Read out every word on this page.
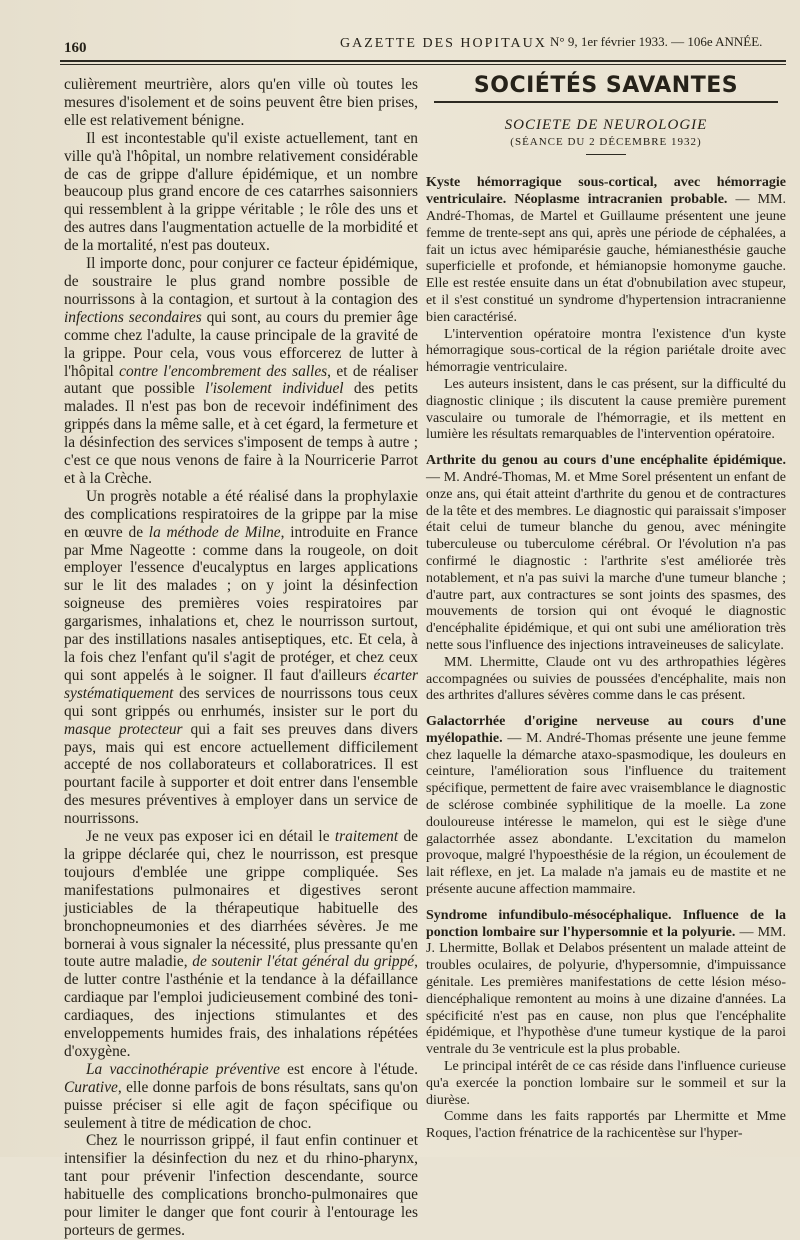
160	GAZETTE DES HOPITAUX N° 9, 1er février 1933. — 106e ANNÉE.

culièrement meurtrière, alors qu'en ville où toutes les mesures d'isolement et de soins peuvent être bien prises, elle est relativement bénigne.

Il est incontestable qu'il existe actuellement, tant en ville qu'à l'hôpital, un nombre relativement considérable de cas de grippe d'allure épidémique, et un nombre beaucoup plus grand encore de ces catarrhes saisonniers qui ressemblent à la grippe véritable ; le rôle des uns et des autres dans l'augmentation actuelle de la morbidité et de la mortalité, n'est pas douteux.

Il importe donc, pour conjurer ce facteur épidémique, de soustraire le plus grand nombre possible de nourrissons à la contagion, et surtout à la contagion des infections secondaires qui sont, au cours du premier âge comme chez l'adulte, la cause principale de la gravité de la grippe. Pour cela, vous vous efforcerez de lutter à l'hôpital contre l'encombrement des salles, et de réaliser autant que possible l'isolement individuel des petits malades. Il n'est pas bon de recevoir indéfiniment des grippés dans la même salle, et à cet égard, la fermeture et la désinfection des services s'imposent de temps à autre ; c'est ce que nous venons de faire à la Nourricerie Parrot et à la Crèche.

Un progrès notable a été réalisé dans la prophylaxie des complications respiratoires de la grippe par la mise en œuvre de la méthode de Milne, introduite en France par Mme Nageotte : comme dans la rougeole, on doit employer l'essence d'eucalyptus en larges applications sur le lit des malades ; on y joint la désinfection soigneuse des premières voies respiratoires par gargarismes, inhalations et, chez le nourrisson surtout, par des instillations nasales antiseptiques, etc. Et cela, à la fois chez l'enfant qu'il s'agit de protéger, et chez ceux qui sont appelés à le soigner. Il faut d'ailleurs écarter systématiquement des services de nourrissons tous ceux qui sont grippés ou enrhumés, insister sur le port du masque protecteur qui a fait ses preuves dans divers pays, mais qui est encore actuellement difficilement accepté de nos collaborateurs et collaboratrices. Il est pourtant facile à supporter et doit entrer dans l'ensemble des mesures préventives à employer dans un service de nourrissons.

Je ne veux pas exposer ici en détail le traitement de la grippe déclarée qui, chez le nourrisson, est presque toujours d'emblée une grippe compliquée. Ses manifestations pulmonaires et digestives seront justiciables de la thérapeutique habituelle des bronchopneumonies et des diarrhées sévères. Je me bornerai à vous signaler la nécessité, plus pressante qu'en toute autre maladie, de soutenir l'état général du grippé, de lutter contre l'asthénie et la tendance à la défaillance cardiaque par l'emploi judicieusement combiné des toni-cardiaques, des injections stimulantes et des enveloppements humides frais, des inhalations répétées d'oxygène.

La vaccinothérapie préventive est encore à l'étude. Curative, elle donne parfois de bons résultats, sans qu'on puisse préciser si elle agit de façon spécifique ou seulement à titre de médication de choc.

Chez le nourrisson grippé, il faut enfin continuer et intensifier la désinfection du nez et du rhino-pharynx, tant pour prévenir l'infection descendante, source habituelle des complications broncho-pulmonaires que pour limiter le danger que font courir à l'entourage les porteurs de germes.

SOCIÉTÉS SAVANTES
SOCIETE DE NEUROLOGIE
(SÉANCE DU 2 DÉCEMBRE 1932)

Kyste hémorragique sous-cortical, avec hémorragie ventriculaire. Néoplasme intracranien probable. — MM. André-Thomas, de Martel et Guillaume présentent une jeune femme de trente-sept ans qui, après une période de céphalées, a fait un ictus avec hémiparésie gauche, hémianesthésie gauche superficielle et profonde, et hémianopsie homonyme gauche. Elle est restée ensuite dans un état d'obnubilation avec stupeur, et il s'est constitué un syndrome d'hypertension intracranienne bien caractérisé.

L'intervention opératoire montra l'existence d'un kyste hémorragique sous-cortical de la région pariétale droite avec hémorragie ventriculaire.

Les auteurs insistent, dans le cas présent, sur la difficulté du diagnostic clinique ; ils discutent la cause première purement vasculaire ou tumorale de l'hémorragie, et ils mettent en lumière les résultats remarquables de l'intervention opératoire.

Arthrite du genou au cours d'une encéphalite épidémique. — M. André-Thomas, M. et Mme Sorel présentent un enfant de onze ans, qui était atteint d'arthrite du genou et de contractures de la tête et des membres. Le diagnostic qui paraissait s'imposer était celui de tumeur blanche du genou, avec méningite tuberculeuse ou tuberculome cérébral. Or l'évolution n'a pas confirmé le diagnostic : l'arthrite s'est améliorée très notablement, et n'a pas suivi la marche d'une tumeur blanche ; d'autre part, aux contractures se sont joints des spasmes, des mouvements de torsion qui ont évoqué le diagnostic d'encéphalite épidémique, et qui ont subi une amélioration très nette sous l'influence des injections intraveineuses de salicylate.

MM. Lhermitte, Claude ont vu des arthropathies légères accompagnées ou suivies de poussées d'encéphalite, mais non des arthrites d'allures sévères comme dans le cas présent.

Galactorrhée d'origine nerveuse au cours d'une myélopathie. — M. André-Thomas présente une jeune femme chez laquelle la démarche ataxo-spasmodique, les douleurs en ceinture, l'amélioration sous l'influence du traitement spécifique, permettent de faire avec vraisemblance le diagnostic de sclérose combinée syphilitique de la moelle. La zone douloureuse intéresse le mamelon, qui est le siège d'une galactorrhée assez abondante. L'excitation du mamelon provoque, malgré l'hypoesthésie de la région, un écoulement de lait réflexe, en jet. La malade n'a jamais eu de mastite et ne présente aucune affection mammaire.

Syndrome infundibulo-mésocéphalique. Influence de la ponction lombaire sur l'hypersomnie et la polyurie. — MM. J. Lhermitte, Bollak et Delabos présentent un malade atteint de troubles oculaires, de polyurie, d'hypersomnie, d'impuissance génitale. Les premières manifestations de cette lésion méso-diencéphalique remontent au moins à une dizaine d'années. La spécificité n'est pas en cause, non plus que l'encéphalite épidémique, et l'hypothèse d'une tumeur kystique de la paroi ventrale du 3e ventricule est la plus probable.

Le principal intérêt de ce cas réside dans l'influence curieuse qu'a exercée la ponction lombaire sur le sommeil et sur la diurèse.

Comme dans les faits rapportés par Lhermitte et Mme Roques, l'action frénatrice de la rachicentèse sur l'hyper-
